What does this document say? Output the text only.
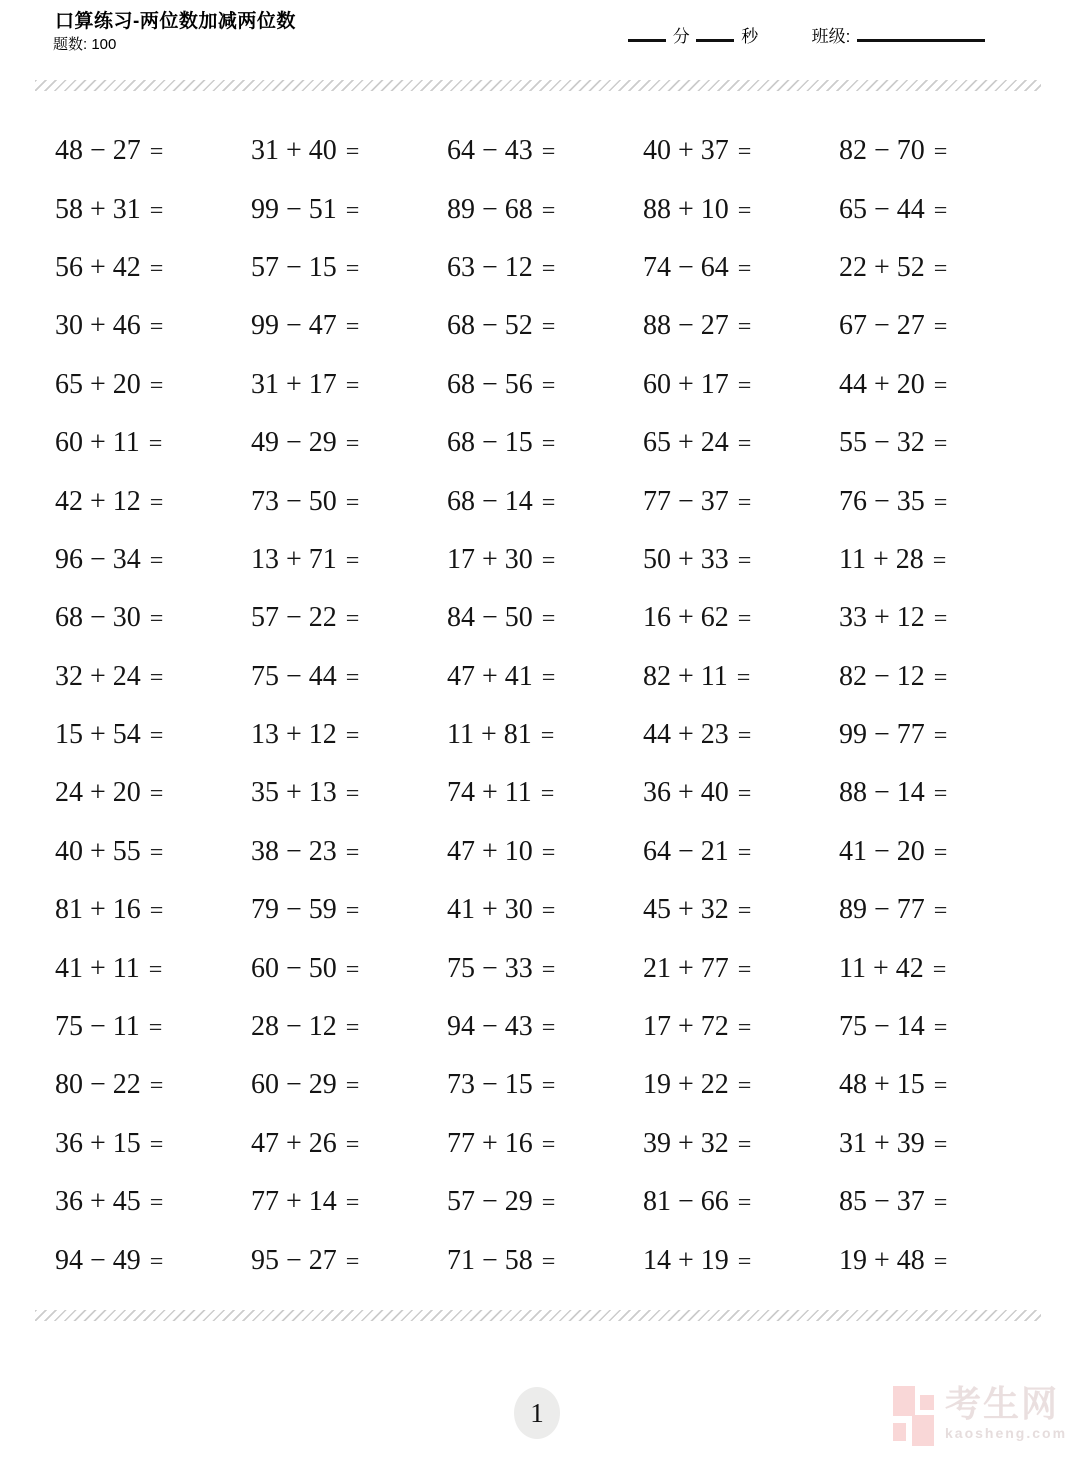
口算练习-两位数加减两位数
题数: 100	分	秒	班级:
48 − 27 =	31 + 40 =	64 − 43 =	40 + 37 =	82 − 70 =
58 + 31 =	99 − 51 =	89 − 68 =	88 + 10 =	65 − 44 =
56 + 42 =	57 − 15 =	63 − 12 =	74 − 64 =	22 + 52 =
30 + 46 =	99 − 47 =	68 − 52 =	88 − 27 =	67 − 27 =
65 + 20 =	31 + 17 =	68 − 56 =	60 + 17 =	44 + 20 =
60 + 11 =	49 − 29 =	68 − 15 =	65 + 24 =	55 − 32 =
42 + 12 =	73 − 50 =	68 − 14 =	77 − 37 =	76 − 35 =
96 − 34 =	13 + 71 =	17 + 30 =	50 + 33 =	11 + 28 =
68 − 30 =	57 − 22 =	84 − 50 =	16 + 62 =	33 + 12 =
32 + 24 =	75 − 44 =	47 + 41 =	82 + 11 =	82 − 12 =
15 + 54 =	13 + 12 =	11 + 81 =	44 + 23 =	99 − 77 =
24 + 20 =	35 + 13 =	74 + 11 =	36 + 40 =	88 − 14 =
40 + 55 =	38 − 23 =	47 + 10 =	64 − 21 =	41 − 20 =
81 + 16 =	79 − 59 =	41 + 30 =	45 + 32 =	89 − 77 =
41 + 11 =	60 − 50 =	75 − 33 =	21 + 77 =	11 + 42 =
75 − 11 =	28 − 12 =	94 − 43 =	17 + 72 =	75 − 14 =
80 − 22 =	60 − 29 =	73 − 15 =	19 + 22 =	48 + 15 =
36 + 15 =	47 + 26 =	77 + 16 =	39 + 32 =	31 + 39 =
36 + 45 =	77 + 14 =	57 − 29 =	81 − 66 =	85 − 37 =
94 − 49 =	95 − 27 =	71 − 58 =	14 + 19 =	19 + 48 =
1	考生网
kaosheng.com
